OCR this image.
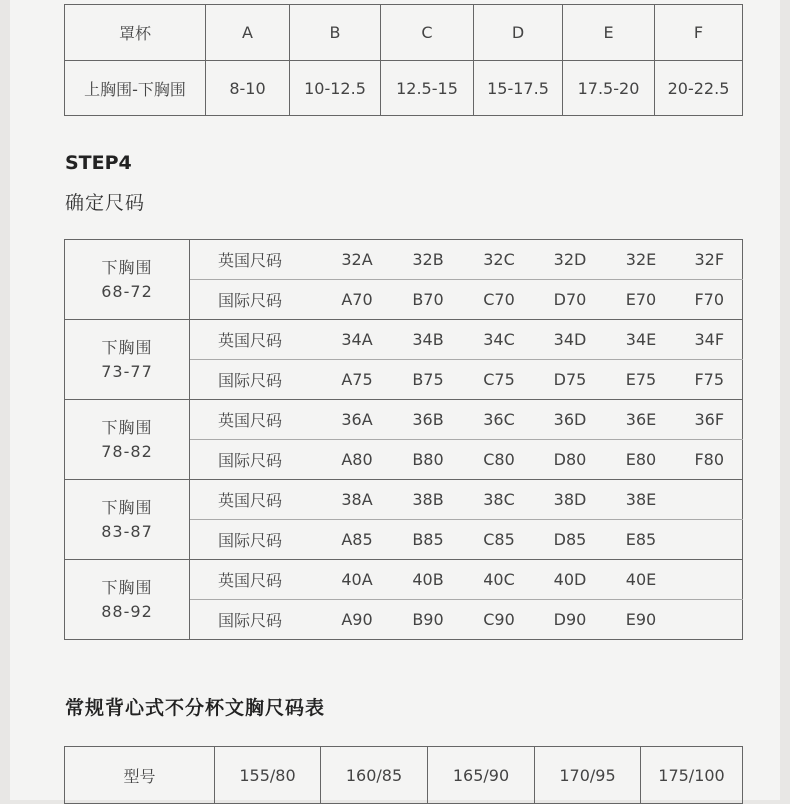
罩杯	A	B	C	D	E	F
上胸围-下胸围	8-10	10-12.5	12.5-15	15-17.5	17.5-20	20-22.5
STEP4

确定尺码

下胸围
68-72	英国尺码	32A	32B	32C	32D	32E	32F
	国际尺码	A70	B70	C70	D70	E70	F70

下胸围
73-77	英国尺码	34A	34B	34C	34D	34E	34F
	国际尺码	A75	B75	C75	D75	E75	F75

下胸围
78-82	英国尺码	36A	36B	36C	36D	36E	36F
	国际尺码	A80	B80	C80	D80	E80	F80

下胸围
83-87	英国尺码	38A	38B	38C	38D	38E	
	国际尺码	A85	B85	C85	D85	E85	

下胸围
88-92	英国尺码	40A	40B	40C	40D	40E	
	国际尺码	A90	B90	C90	D90	E90	
常规背心式不分杯文胸尺码表
型号	155/80	160/85	165/90	170/95	175/100
